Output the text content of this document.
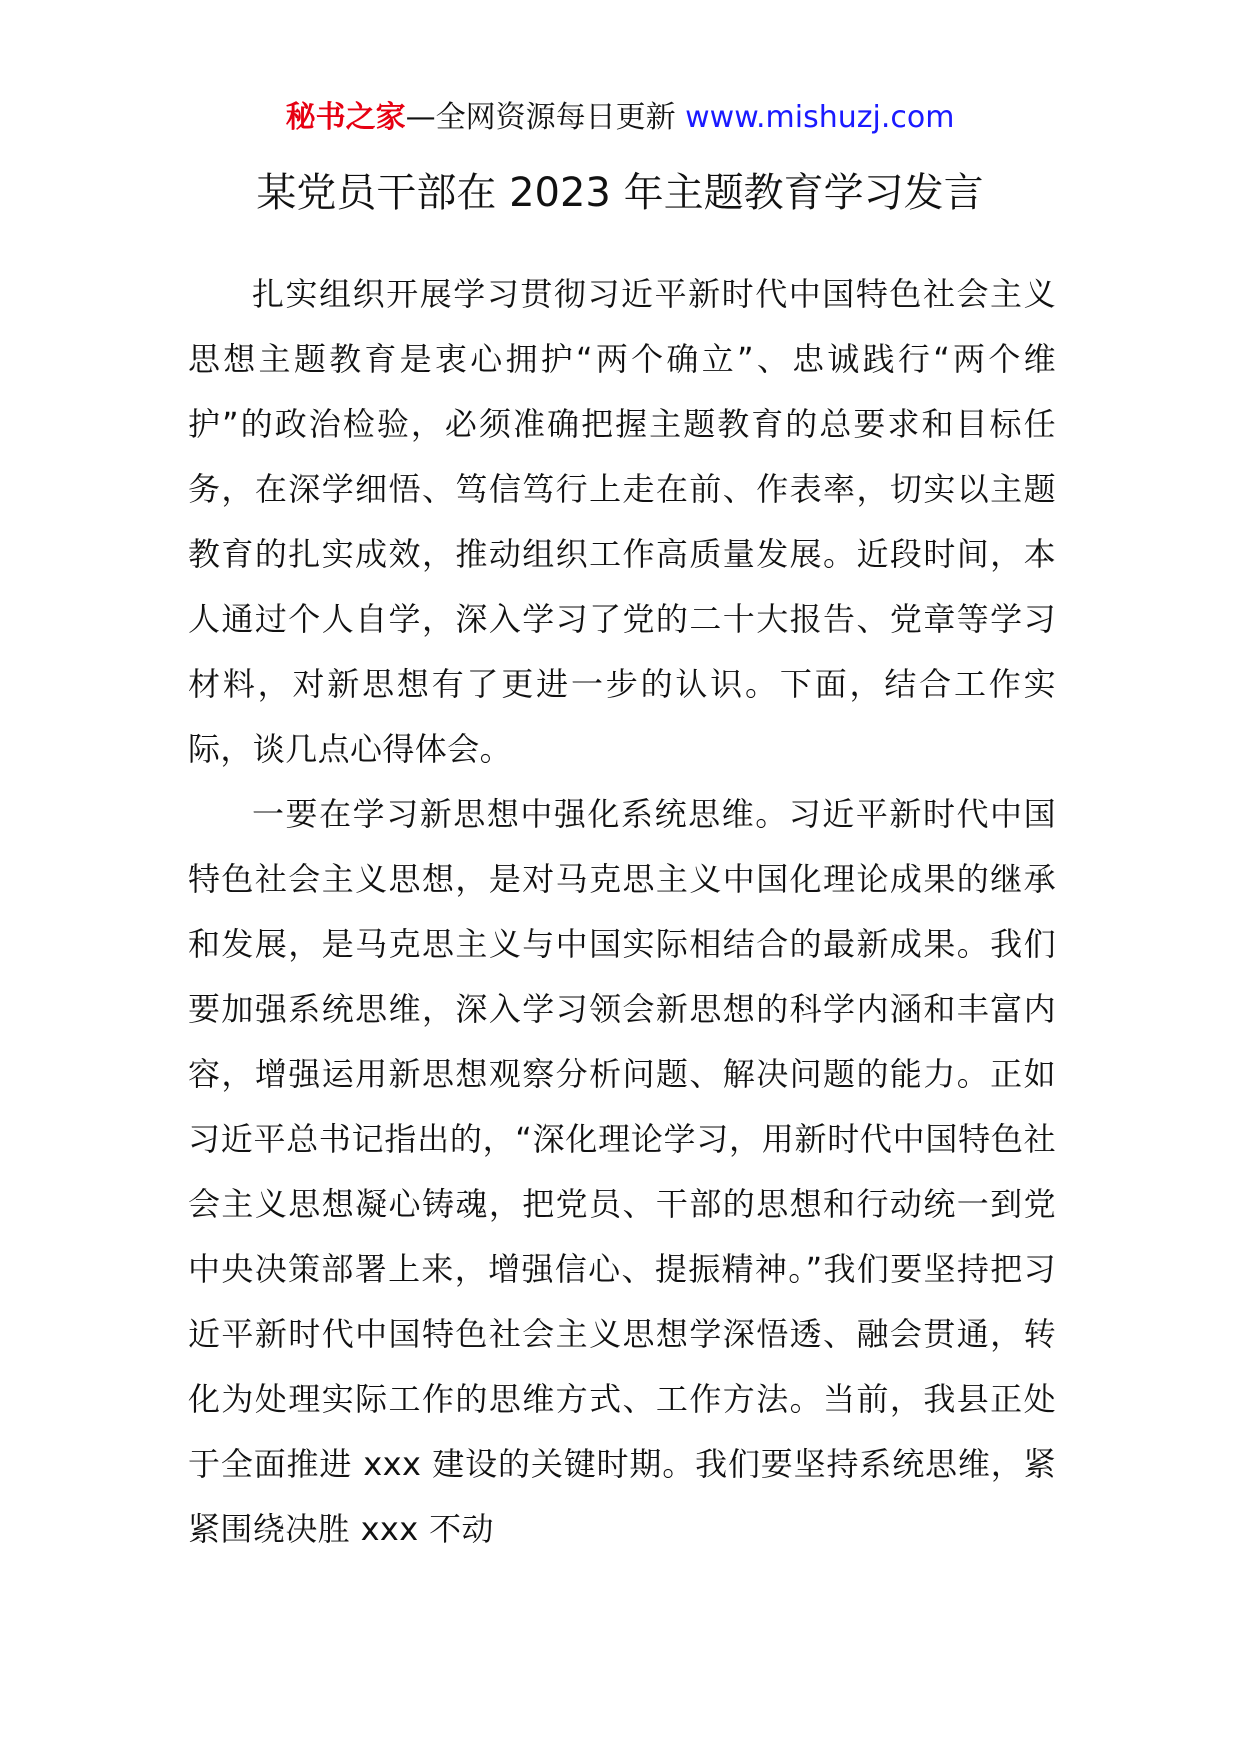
秘书之家—全网资源每日更新 www.mishuzj.com
某党员干部在 2023 年主题教育学习发言

扎实组织开展学习贯彻习近平新时代中国特色社会主义思想主题教育是衷心拥护“两个确立”、忠诚践行“两个维护”的政治检验，必须准确把握主题教育的总要求和目标任务，在深学细悟、笃信笃行上走在前、作表率，切实以主题教育的扎实成效，推动组织工作高质量发展。近段时间，本人通过个人自学，深入学习了党的二十大报告、党章等学习材料，对新思想有了更进一步的认识。下面，结合工作实际，谈几点心得体会。

一要在学习新思想中强化系统思维。习近平新时代中国特色社会主义思想，是对马克思主义中国化理论成果的继承和发展，是马克思主义与中国实际相结合的最新成果。我们要加强系统思维，深入学习领会新思想的科学内涵和丰富内容，增强运用新思想观察分析问题、解决问题的能力。正如习近平总书记指出的，“深化理论学习，用新时代中国特色社会主义思想凝心铸魂，把党员、干部的思想和行动统一到党中央决策部署上来，增强信心、提振精神。”我们要坚持把习近平新时代中国特色社会主义思想学深悟透、融会贯通，转化为处理实际工作的思维方式、工作方法。当前，我县正处于全面推进 xxx 建设的关键时期。我们要坚持系统思维，紧紧围绕决胜 xxx 不动
